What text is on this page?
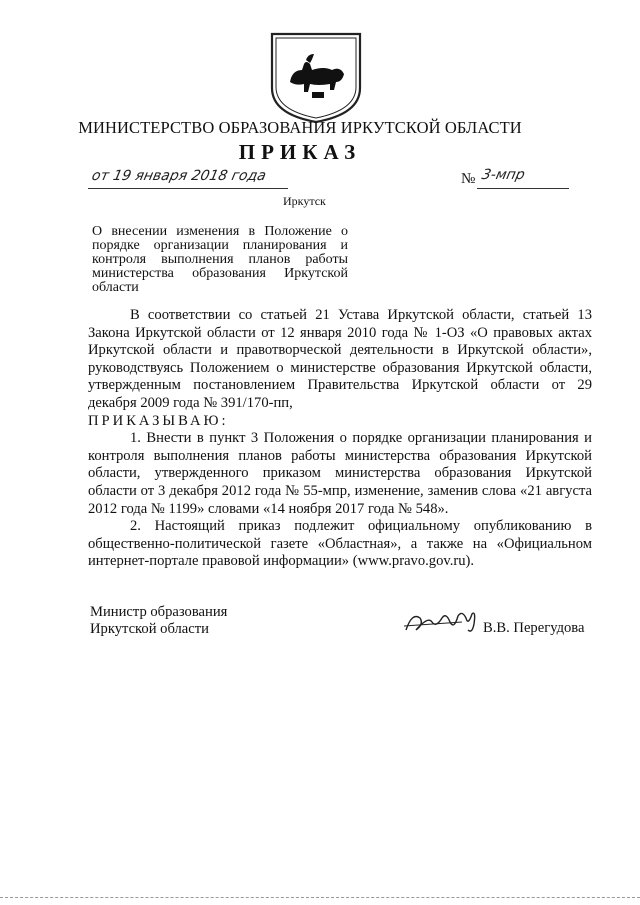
МИНИСТЕРСТВО ОБРАЗОВАНИЯ ИРКУТСКОЙ ОБЛАСТИ
ПРИКАЗ
от 19 января 2018 года	№ 3-мпр
Иркутск
О внесении изменения в Положение о порядке организации планирования и контроля выполнения планов работы министерства образования Иркутской области

В соответствии со статьей 21 Устава Иркутской области, статьей 13 Закона Иркутской области от 12 января 2010 года № 1-ОЗ «О правовых актах Иркутской области и правотворческой деятельности в Иркутской области», руководствуясь Положением о министерстве образования Иркутской области, утвержденным постановлением Правительства Иркутской области от 29 декабря 2009 года № 391/170-пп,

ПРИКАЗЫВАЮ:

1. Внести в пункт 3 Положения о порядке организации планирования и контроля выполнения планов работы министерства образования Иркутской области, утвержденного приказом министерства образования Иркутской области от 3 декабря 2012 года № 55-мпр, изменение, заменив слова «21 августа 2012 года № 1199» словами «14 ноября 2017 года № 548».

2. Настоящий приказ подлежит официальному опубликованию в общественно-политической газете «Областная», а также на «Официальном интернет-портале правовой информации» (www.pravo.gov.ru).

Министр образования
Иркутской области	В.В. Перегудова
